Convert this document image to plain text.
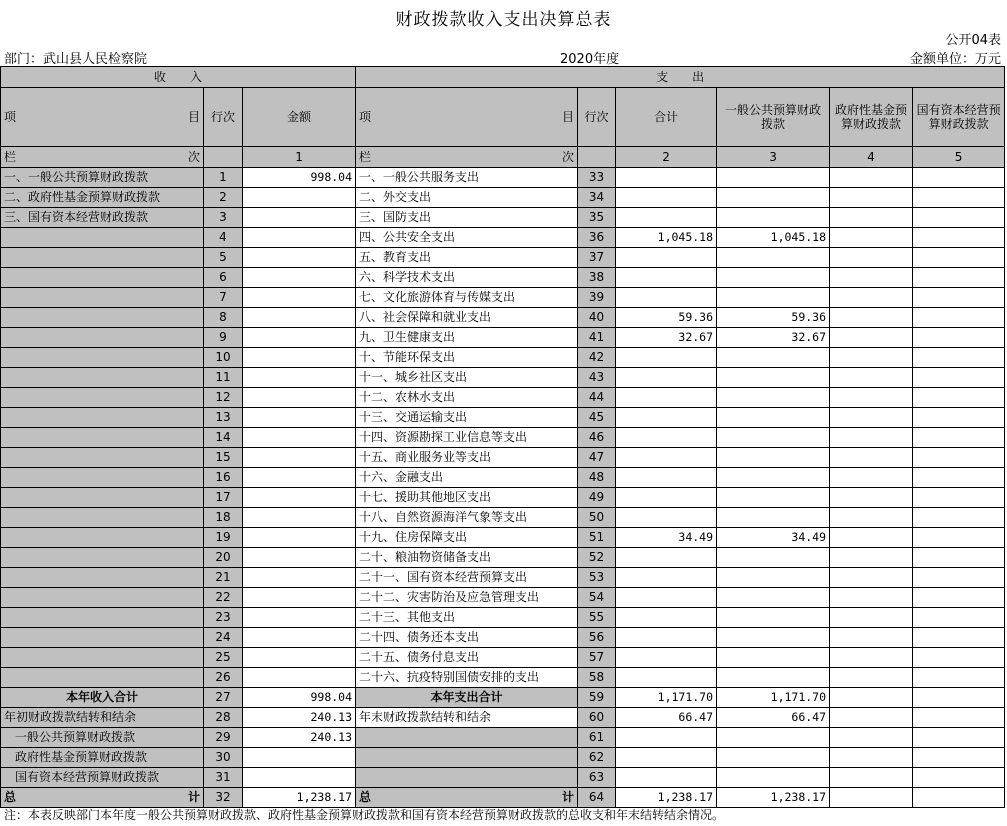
财政拨款收入支出决算总表
公开04表
部门：武山县人民检察院	2020年度	金额单位：万元
收　　入			支　　出					

项 目	行次	金额	项 目	行次	合计	一般公共预算财政拨款	政府性基金预算财政拨款	国有资本经营预算财政拨款

栏 次		1	栏 次		2	3	4	5
一、一般公共预算财政拨款	1	998.04	一、一般公共服务支出	33				
二、政府性基金预算财政拨款	2		二、外交支出	34				
三、国有资本经营财政拨款	3		三、国防支出	35				
	4		四、公共安全支出	36	1,045.18	1,045.18		
	5		五、教育支出	37				
	6		六、科学技术支出	38				
	7		七、文化旅游体育与传媒支出	39				
	8		八、社会保障和就业支出	40	59.36	59.36		
	9		九、卫生健康支出	41	32.67	32.67		
	10		十、节能环保支出	42				
	11		十一、城乡社区支出	43				
	12		十二、农林水支出	44				
	13		十三、交通运输支出	45				
	14		十四、资源勘探工业信息等支出	46				
	15		十五、商业服务业等支出	47				
	16		十六、金融支出	48				
	17		十七、援助其他地区支出	49				
	18		十八、自然资源海洋气象等支出	50				
	19		十九、住房保障支出	51	34.49	34.49		
	20		二十、粮油物资储备支出	52				
	21		二十一、国有资本经营预算支出	53				
	22		二十二、灾害防治及应急管理支出	54				
	23		二十三、其他支出	55				
	24		二十四、债务还本支出	56				
	25		二十五、债务付息支出	57				
	26		二十六、抗疫特别国债安排的支出	58				
本年收入合计	27	998.04	本年支出合计	59	1,171.70	1,171.70		
年初财政拨款结转和结余	28	240.13	年末财政拨款结转和结余	60	66.47	66.47		
一般公共预算财政拨款	29	240.13		61				
政府性基金预算财政拨款	30			62				
国有资本经营预算财政拨款	31			63				

总 计	32	1,238.17	总 计	64	1,238.17	1,238.17		
注：本表反映部门本年度一般公共预算财政拨款、政府性基金预算财政拨款和国有资本经营预算财政拨款的总收支和年末结转结余情况。
